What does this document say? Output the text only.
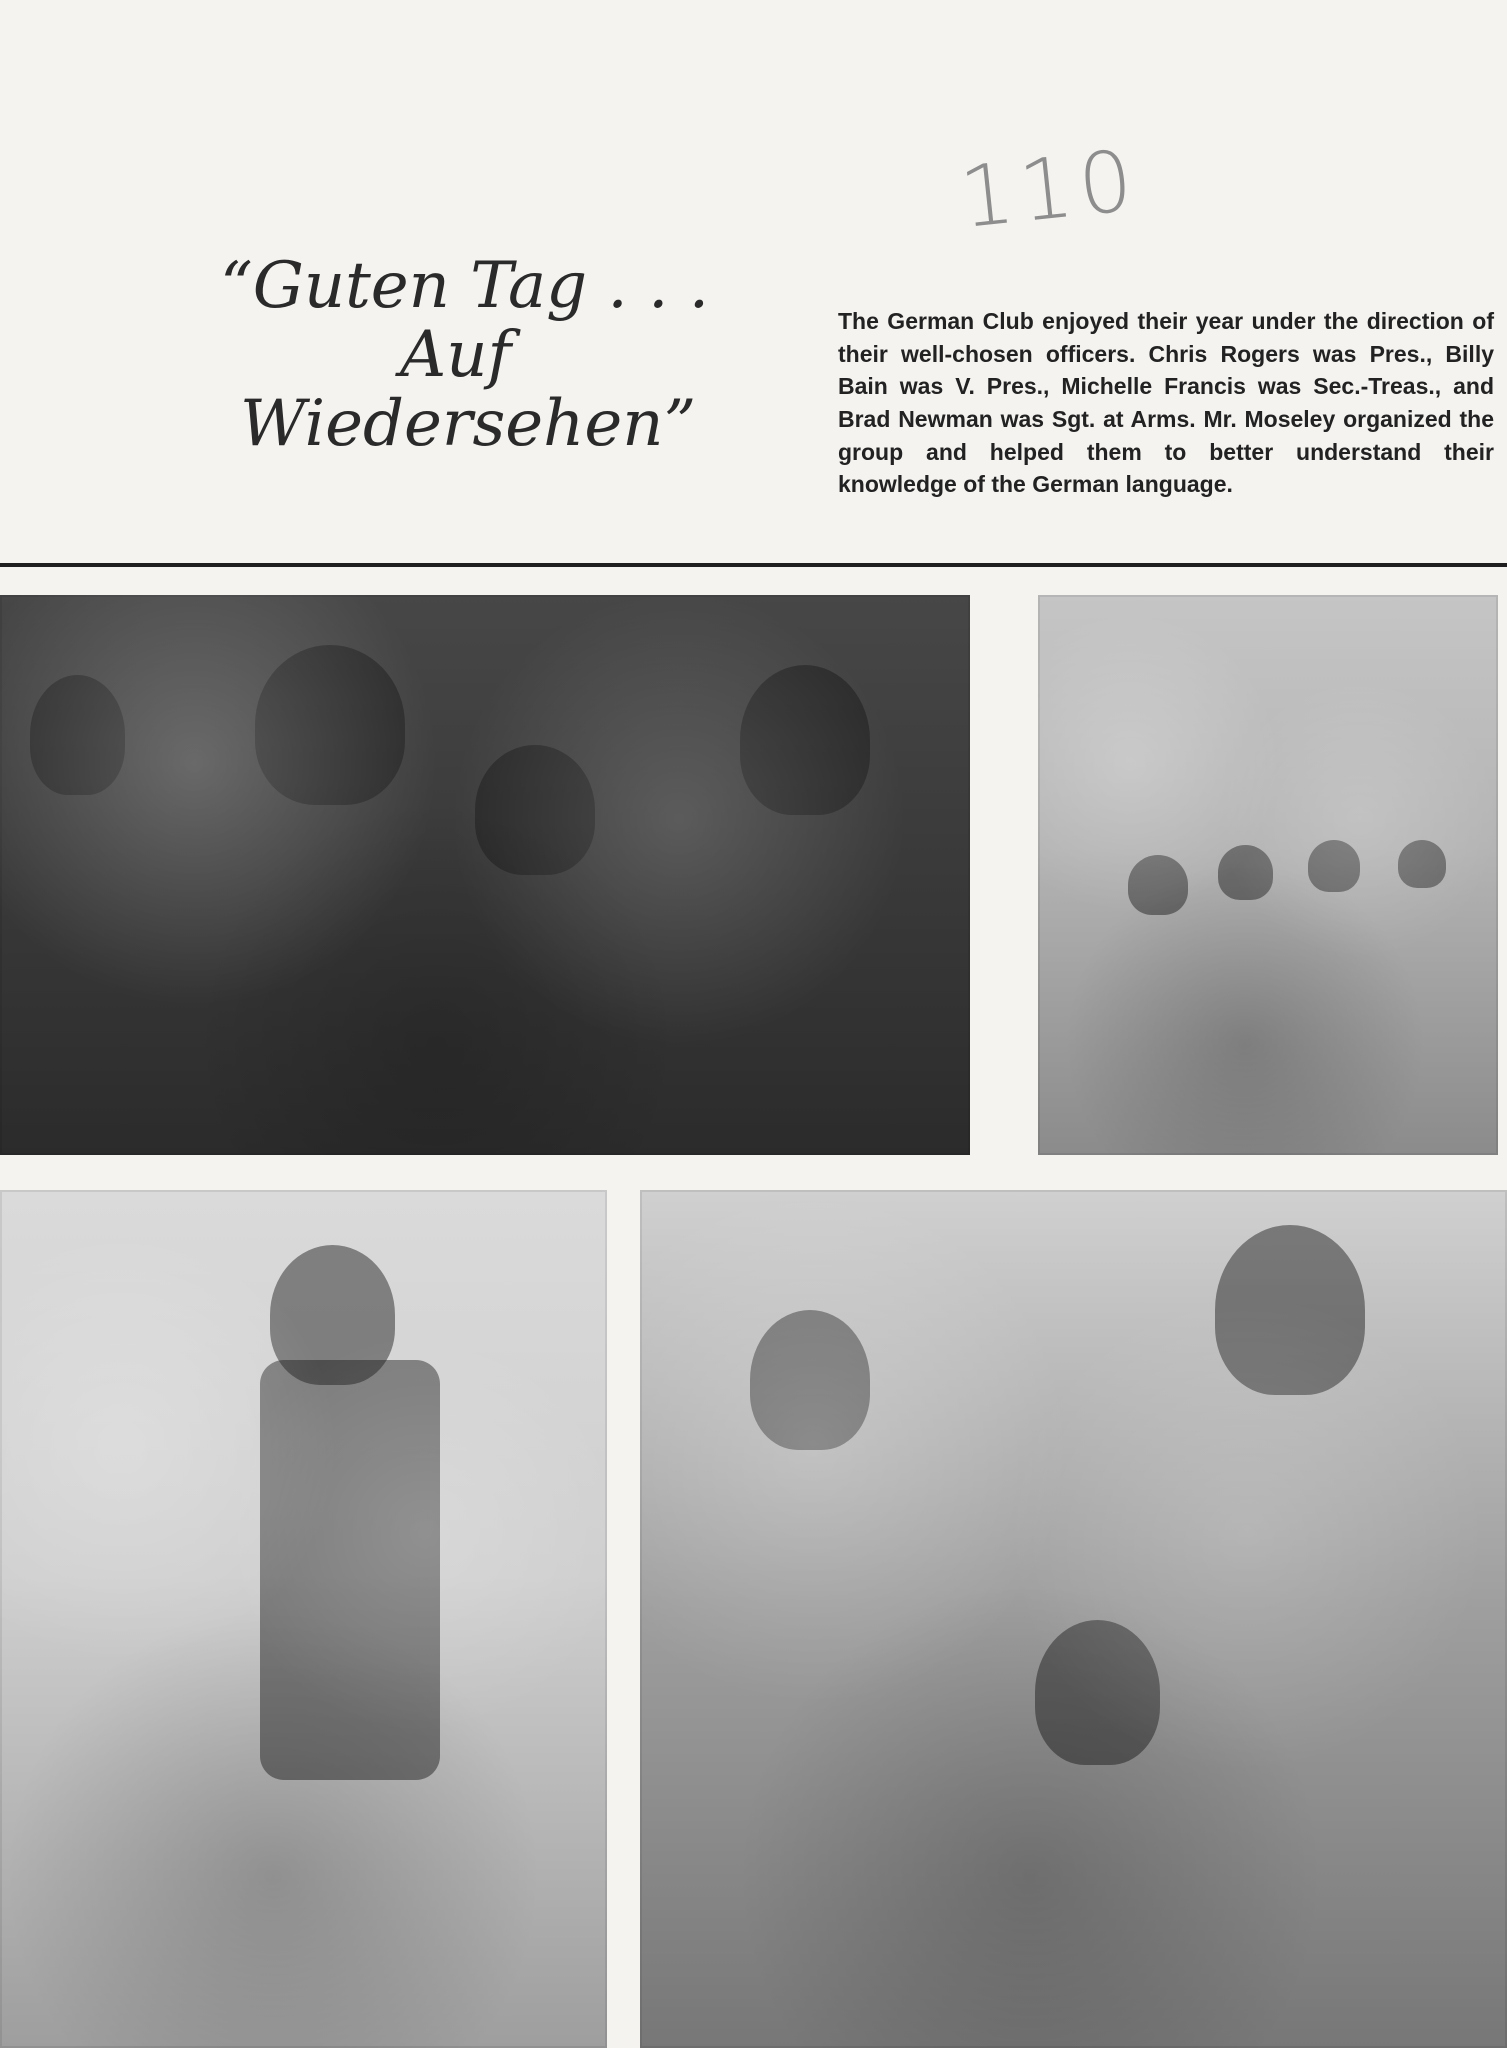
110
“Guten Tag . . .
Auf
Wiedersehen”
The German Club enjoyed their year under the direction of their well-chosen officers. Chris Rogers was Pres., Billy Bain was V. Pres., Michelle Francis was Sec.-Treas., and Brad Newman was Sgt. at Arms. Mr. Moseley organized the group and helped them to better understand their knowledge of the German language.
